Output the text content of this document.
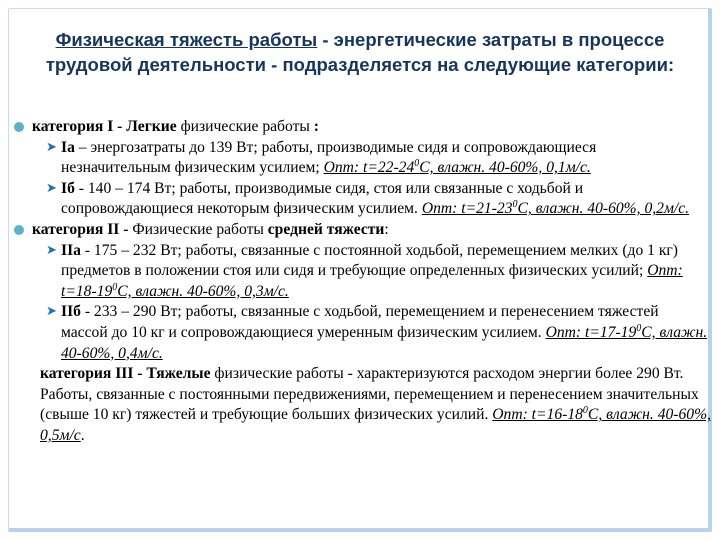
Физическая тяжесть работы - энергетические затраты в процессе трудовой деятельности - подразделяется на следующие категории:
категория I - Легкие физические работы :
➤ Ia – энергозатраты до 139 Вт; работы, производимые сидя и сопровождающиеся незначительным физическим усилием; Опт: $t=22-24^0С$, влажн. 40-60%, 0,1м/с.
➤ Iб - 140 – 174 Вт; работы, производимые сидя, стоя или связанные с ходьбой и сопровождающиеся некоторым физическим усилием. Опт: $t=21-23^0С$, влажн. 40-60%, 0,2м/с.
категория II - Физические работы средней тяжести:
➤ IIа - 175 – 232 Вт; работы, связанные с постоянной ходьбой, перемещением мелких (до 1 кг) предметов в положении стоя или сидя и требующие определенных физических усилий; Опт: $t=18-19^0С$, влажн. 40-60%, 0,3м/с.
➤ IIб - 233 – 290 Вт; работы, связанные с ходьбой, перемещением и перенесением тяжестей массой до 10 кг и сопровождающиеся умеренным физическим усилием. Опт: $t=17-19^0С$, влажн. 40-60%, 0,4м/с.
категория III - Тяжелые физические работы - характеризуются расходом энергии более 290 Вт. Работы, связанные с постоянными передвижениями, перемещением и перенесением значительных (свыше 10 кг) тяжестей и требующие больших физических усилий. Опт: $t=16-18^0С$, влажн. 40-60%, 0,5м/с.
